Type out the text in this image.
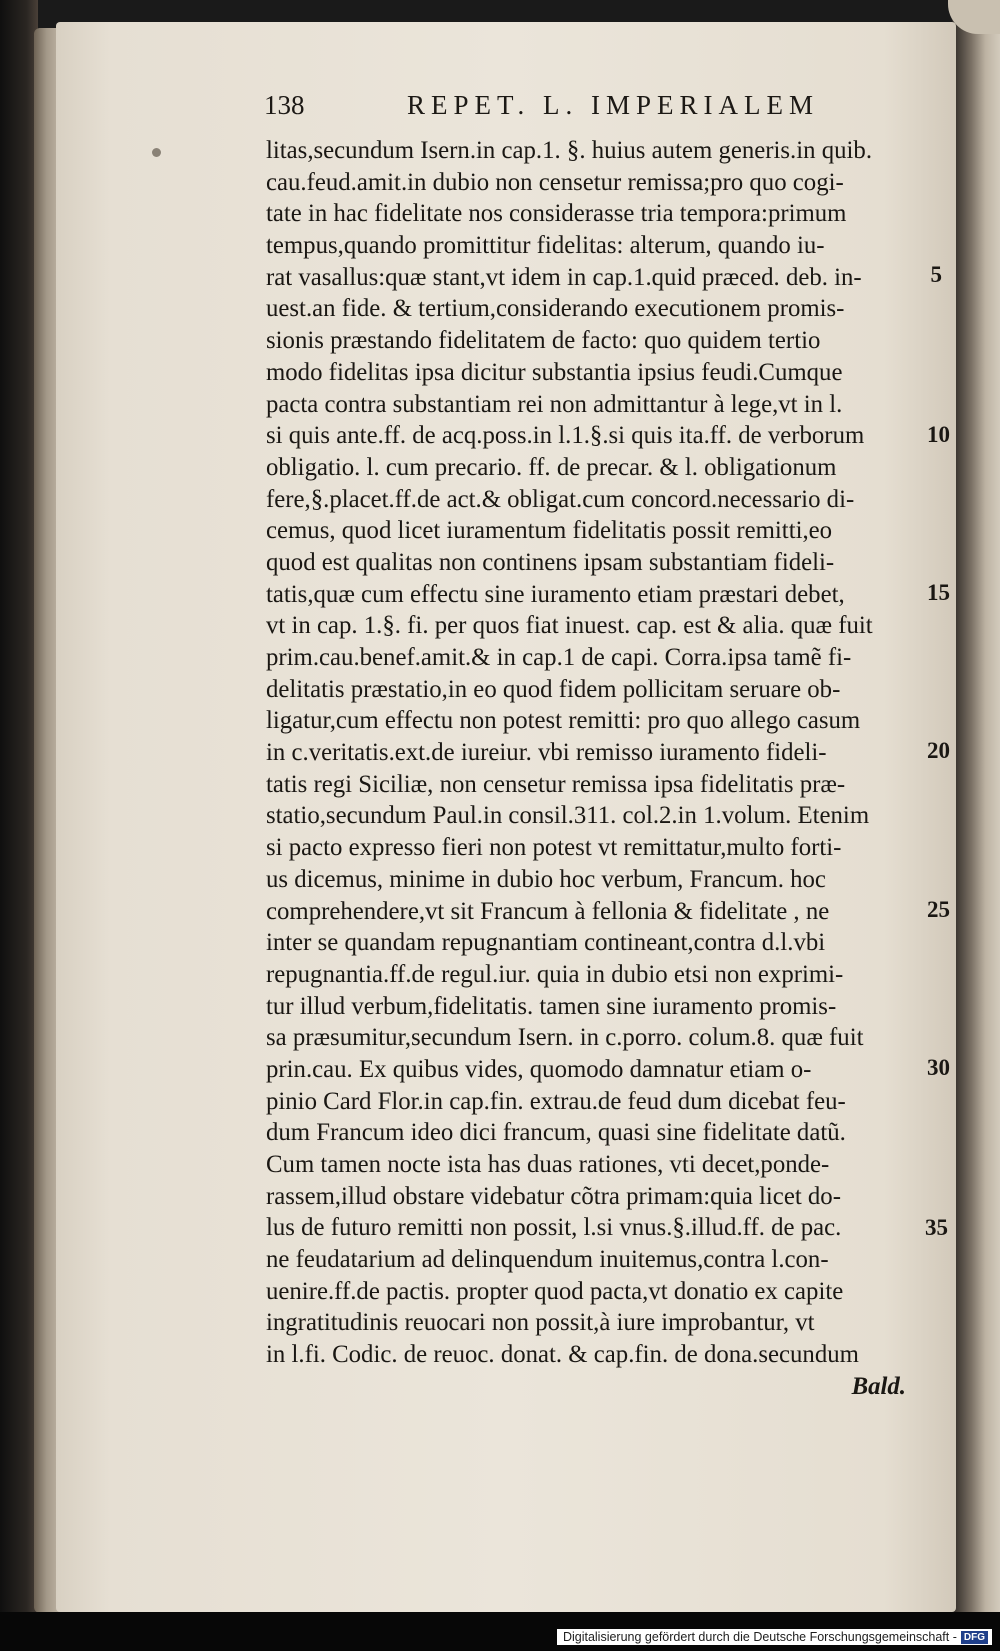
138	REPET. L. IMPERIALEM
litas,secundum Isern.in cap.1. §. huius autem generis.in quib.
cau.feud.amit.in dubio non censetur remissa;pro quo cogi-
tate in hac fidelitate nos considerasse tria tempora:primum
tempus,quando promittitur fidelitas: alterum, quando iu-
rat vasallus:quæ stant,vt idem in cap.1.quid præced. deb. in-
uest.an fide. & tertium,considerando executionem promis-
sionis præstando fidelitatem de facto: quo quidem tertio
modo fidelitas ipsa dicitur substantia ipsius feudi.Cumque
pacta contra substantiam rei non admittantur à lege,vt in l.
si quis ante.ff. de acq.poss.in l.1.§.si quis ita.ff. de verborum
obligatio. l. cum precario. ff. de precar. & l. obligationum
fere,§.placet.ff.de act.& obligat.cum concord.necessario di-
cemus, quod licet iuramentum fidelitatis possit remitti,eo
quod est qualitas non continens ipsam substantiam fideli-
tatis,quæ cum effectu sine iuramento etiam præstari debet,
vt in cap. 1.§. fi. per quos fiat inuest. cap. est & alia. quæ fuit
prim.cau.benef.amit.& in cap.1 de capi. Corra.ipsa tamẽ fi-
delitatis præstatio,in eo quod fidem pollicitam seruare ob-
ligatur,cum effectu non potest remitti: pro quo allego casum
in c.veritatis.ext.de iureiur. vbi remisso iuramento fideli-
tatis regi Siciliæ, non censetur remissa ipsa fidelitatis præ-
statio,secundum Paul.in consil.311. col.2.in 1.volum. Etenim
si pacto expresso fieri non potest vt remittatur,multo forti-
us dicemus, minime in dubio hoc verbum, Francum. hoc
comprehendere,vt sit Francum à fellonia & fidelitate , ne
inter se quandam repugnantiam contineant,contra d.l.vbi
repugnantia.ff.de regul.iur. quia in dubio etsi non exprimi-
tur illud verbum,fidelitatis. tamen sine iuramento promis-
sa præsumitur,secundum Isern. in c.porro. colum.8. quæ fuit
prin.cau. Ex quibus vides, quomodo damnatur etiam o-
pinio Card Flor.in cap.fin. extrau.de feud dum dicebat feu-
dum Francum ideo dici francum, quasi sine fidelitate datũ.
Cum tamen nocte ista has duas rationes, vti decet,ponde-
rassem,illud obstare videbatur cõtra primam:quia licet do-
lus de futuro remitti non possit, l.si vnus.§.illud.ff. de pac.
ne feudatarium ad delinquendum inuitemus,contra l.con-
uenire.ff.de pactis. propter quod pacta,vt donatio ex capite
ingratitudinis reuocari non possit,à iure improbantur, vt
in l.fi. Codic. de reuoc. donat. & cap.fin. de dona.secundum
Bald.
5
10
15
20
25
30
35
Digitalisierung gefördert durch die Deutsche Forschungsgemeinschaft - DFG
